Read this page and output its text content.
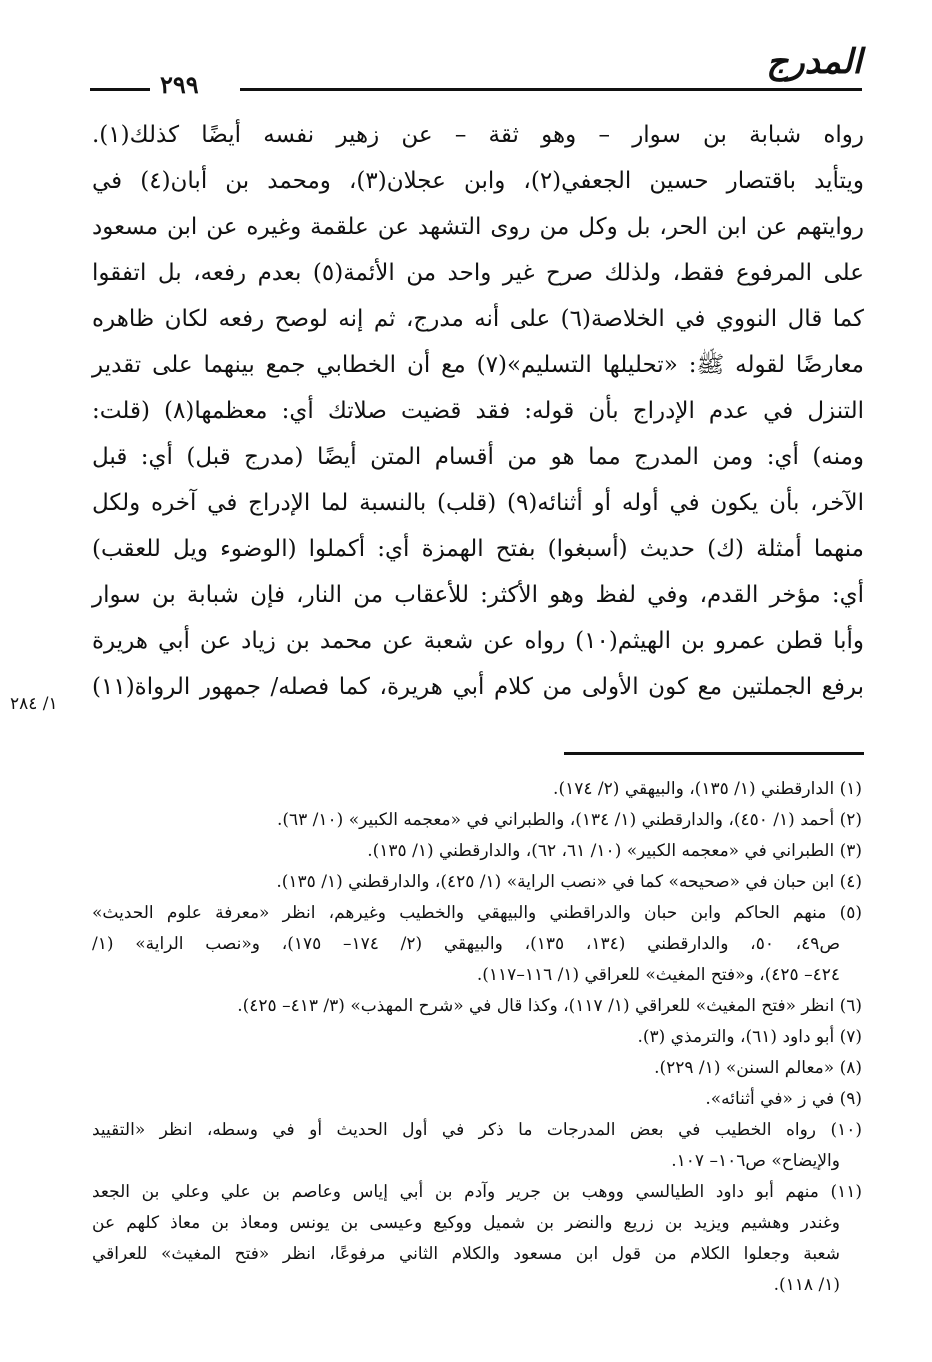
المدرج
٢٩٩
رواه شبابة بن سوار – وهو ثقة – عن زهير نفسه أيضًا كذلك(١).
ويتأيد باقتصار حسين الجعفي(٢)، وابن عجلان(٣)، ومحمد بن أبان(٤) في
روايتهم عن ابن الحر، بل وكل من روى التشهد عن علقمة وغيره عن ابن مسعود
على المرفوع فقط، ولذلك صرح غير واحد من الأئمة(٥) بعدم رفعه، بل اتفقوا
كما قال النووي في الخلاصة(٦) على أنه مدرج، ثم إنه لوصح رفعه لكان ظاهره
معارضًا لقوله ﷺ: «تحليلها التسليم»(٧) مع أن الخطابي جمع بينهما على تقدير
التنزل في عدم الإدراج بأن قوله: فقد قضيت صلاتك أي: معظمها(٨) (قلت:
ومنه) أي: ومن المدرج مما هو من أقسام المتن أيضًا (مدرج قبل) أي: قبل
الآخر، بأن يكون في أوله أو أثنائه(٩) (قلب) بالنسبة لما الإدراج في آخره ولكل
منهما أمثلة (ك) حديث (أسبغوا) بفتح الهمزة أي: أكملوا (الوضوء ويل للعقب)
أي: مؤخر القدم، وفي لفظ وهو الأكثر: للأعقاب من النار، فإن شبابة بن سوار
وأبا قطن عمرو بن الهيثم(١٠) رواه عن شعبة عن محمد بن زياد عن أبي هريرة
برفع الجملتين مع كون الأولى من كلام أبي هريرة، كما فصله/ جمهور الرواة(١١)
١/ ٢٨٤
(١) الدارقطني (١/ ١٣٥)، والبيهقي (٢/ ١٧٤).
(٢) أحمد (١/ ٤٥٠)، والدارقطني (١/ ١٣٤)، والطبراني في «معجمه الكبير» (١٠/ ٦٣).
(٣) الطبراني في «معجمه الكبير» (١٠/ ٦١، ٦٢)، والدارقطني (١/ ١٣٥).
(٤) ابن حبان في «صحيحه» كما في «نصب الراية» (١/ ٤٢٥)، والدارقطني (١/ ١٣٥).
(٥) منهم الحاكم وابن حبان والدراقطني والبيهقي والخطيب وغيرهم، انظر «معرفة علوم الحديث»
ص٤٩، ٥٠، والدارقطني (١٣٤، ١٣٥)، والبيهقي (٢/ ١٧٤– ١٧٥)، و«نصب الراية» (١/
٤٢٤– ٤٢٥)، و«فتح المغيث» للعراقي (١/ ١١٦–١١٧).
(٦) انظر «فتح المغيث» للعراقي (١/ ١١٧)، وكذا قال في «شرح المهذب» (٣/ ٤١٣– ٤٢٥).
(٧) أبو داود (٦١)، والترمذي (٣).
(٨) «معالم السنن» (١/ ٢٢٩).
(٩) في ز «في أثنائه».
(١٠) رواه الخطيب في بعض المدرجات ما ذكر في أول الحديث أو في وسطه، انظر «التقييد
والإيضاح» ص١٠٦– ١٠٧.
(١١) منهم أبو داود الطيالسي ووهب بن جرير وآدم بن أبي إياس وعاصم بن علي وعلي بن الجعد
وغندر وهشيم ويزيد بن زريع والنضر بن شميل ووكيع وعيسى بن يونس ومعاذ بن معاذ كلهم عن
شعبة وجعلوا الكلام من قول ابن مسعود والكلام الثاني مرفوعًا، انظر «فتح المغيث» للعراقي
(١/ ١١٨).
